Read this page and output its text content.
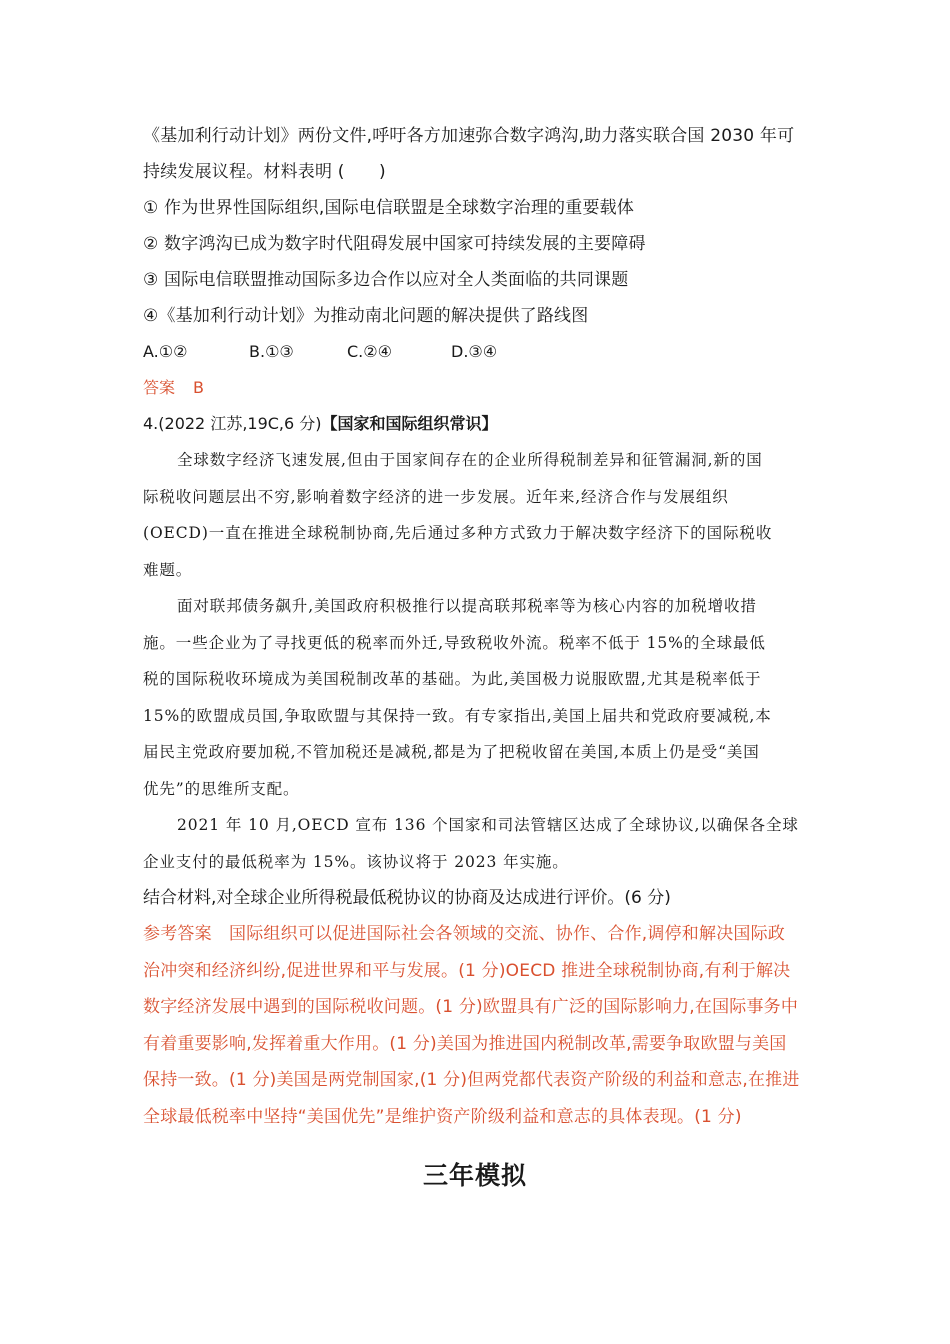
《基加利行动计划》两份文件,呼吁各方加速弥合数字鸿沟,助力落实联合国 2030 年可
持续发展议程。材料表明 (　　)
① 作为世界性国际组织,国际电信联盟是全球数字治理的重要载体
② 数字鸿沟已成为数字时代阻碍发展中国家可持续发展的主要障碍
③ 国际电信联盟推动国际多边合作以应对全人类面临的共同课题
④《基加利行动计划》为推动南北问题的解决提供了路线图
A.①②	B.①③	C.②④	D.③④
答案 B
4.(2022 江苏,19C,6 分)【国家和国际组织常识】
全球数字经济飞速发展,但由于国家间存在的企业所得税制差异和征管漏洞,新的国
际税收问题层出不穷,影响着数字经济的进一步发展。近年来,经济合作与发展组织
(OECD)一直在推进全球税制协商,先后通过多种方式致力于解决数字经济下的国际税收
难题。
面对联邦债务飙升,美国政府积极推行以提高联邦税率等为核心内容的加税增收措
施。一些企业为了寻找更低的税率而外迁,导致税收外流。税率不低于 15%的全球最低
税的国际税收环境成为美国税制改革的基础。为此,美国极力说服欧盟,尤其是税率低于
15%的欧盟成员国,争取欧盟与其保持一致。有专家指出,美国上届共和党政府要减税,本
届民主党政府要加税,不管加税还是减税,都是为了把税收留在美国,本质上仍是受“美国
优先”的思维所支配。
2021 年 10 月,OECD 宣布 136 个国家和司法管辖区达成了全球协议,以确保各全球
企业支付的最低税率为 15%。该协议将于 2023 年实施。
结合材料,对全球企业所得税最低税协议的协商及达成进行评价。(6 分)
参考答案　国际组织可以促进国际社会各领域的交流、协作、合作,调停和解决国际政
治冲突和经济纠纷,促进世界和平与发展。(1 分)OECD 推进全球税制协商,有利于解决
数字经济发展中遇到的国际税收问题。(1 分)欧盟具有广泛的国际影响力,在国际事务中
有着重要影响,发挥着重大作用。(1 分)美国为推进国内税制改革,需要争取欧盟与美国
保持一致。(1 分)美国是两党制国家,(1 分)但两党都代表资产阶级的利益和意志,在推进
全球最低税率中坚持“美国优先”是维护资产阶级利益和意志的具体表现。(1 分)
三年模拟
